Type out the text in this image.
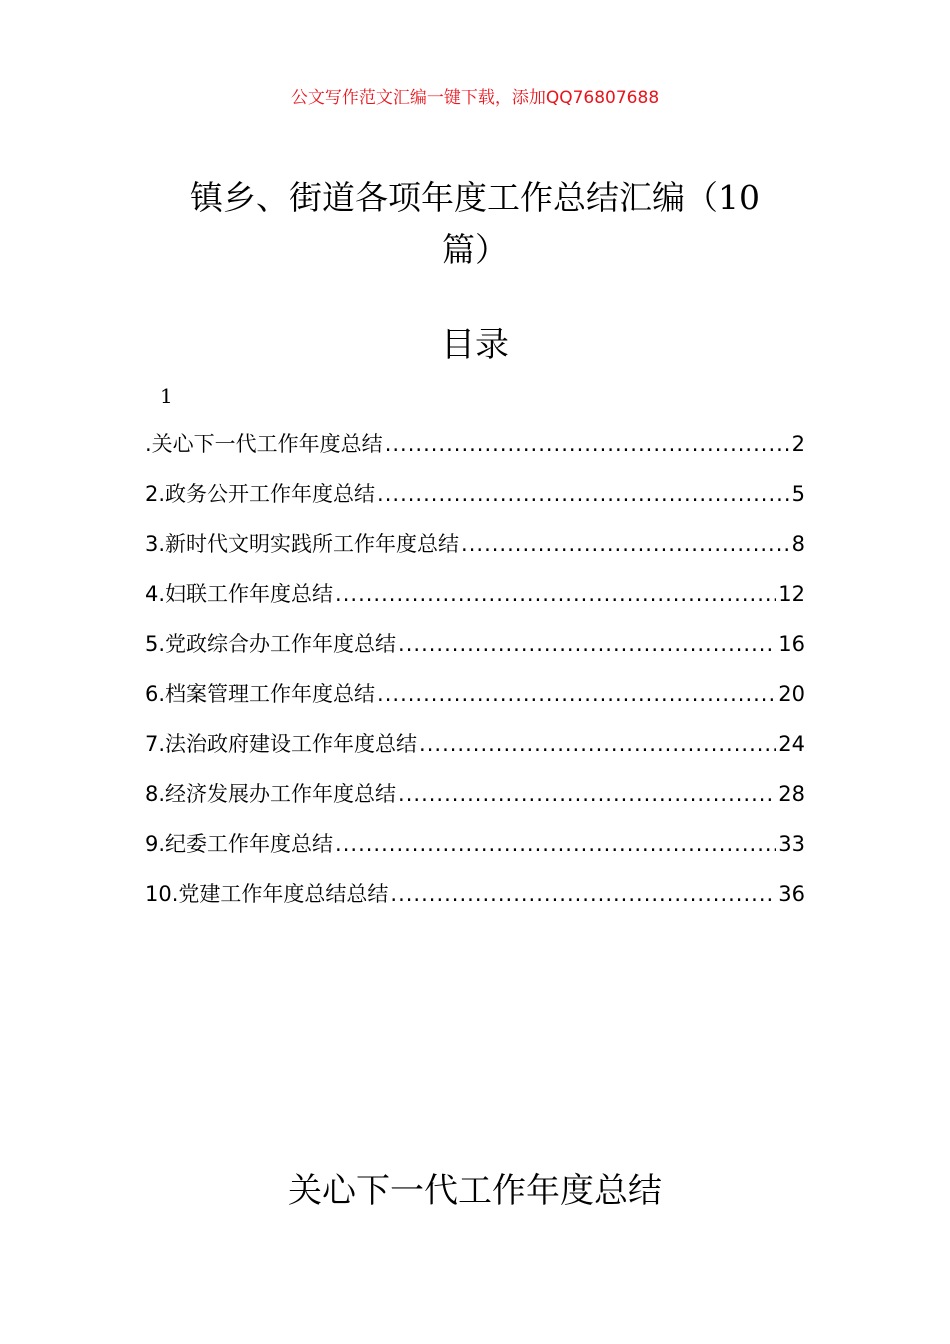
公文写作范文汇编一键下载，添加QQ76807688
镇乡、街道各项年度工作总结汇编（10
篇）
目录
1
.关心下一代工作年度总结 .....	2
2.政务公开工作年度总结 .....	5
3.新时代文明实践所工作年度总结 .....	8
4.妇联工作年度总结 .....	12
5.党政综合办工作年度总结 .....	16
6.档案管理工作年度总结 .....	20
7.法治政府建设工作年度总结 .....	24
8.经济发展办工作年度总结 .....	28
9.纪委工作年度总结 .....	33
10.党建工作年度总结总结 .....	36
关心下一代工作年度总结
